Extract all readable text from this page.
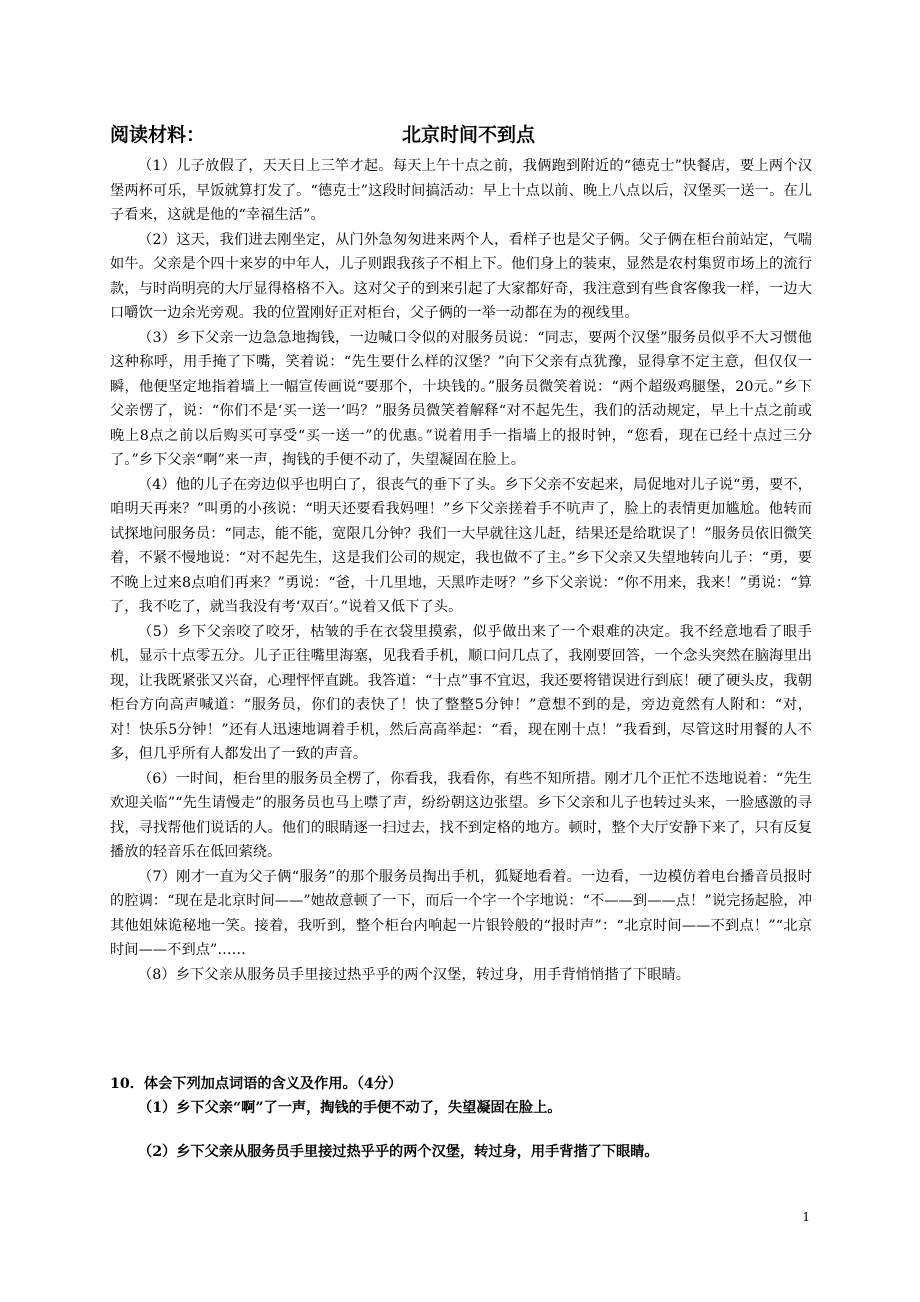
阅读材料：	北京时间不到点

（1）儿子放假了，天天日上三竿才起。每天上午十点之前，我俩跑到附近的“德克士”快餐店，要上两个汉堡两杯可乐，早饭就算打发了。“德克士”这段时间搞活动：早上十点以前、晚上八点以后，汉堡买一送一。在儿子看来，这就是他的“幸福生活”。

（2）这天，我们进去刚坐定，从门外急匆匆进来两个人，看样子也是父子俩。父子俩在柜台前站定，气喘如牛。父亲是个四十来岁的中年人，儿子则跟我孩子不相上下。他们身上的装束，显然是农村集贸市场上的流行款，与时尚明亮的大厅显得格格不入。这对父子的到来引起了大家都好奇，我注意到有些食客像我一样，一边大口嚼饮一边余光旁观。我的位置刚好正对柜台，父子俩的一举一动都在为的视线里。

（3）乡下父亲一边急急地掏钱，一边喊口令似的对服务员说：“同志，要两个汉堡”服务员似乎不大习惯他这种称呼，用手掩了下嘴，笑着说：“先生要什么样的汉堡？”向下父亲有点犹豫，显得拿不定主意，但仅仅一瞬，他便坚定地指着墙上一幅宣传画说“要那个，十块钱的。”服务员微笑着说：“两个超级鸡腿堡，20元。”乡下父亲愣了，说：“你们不是‘买一送一’吗？”服务员微笑着解释“对不起先生，我们的活动规定，早上十点之前或晚上8点之前以后购买可享受“买一送一”的优惠。”说着用手一指墙上的报时钟，“您看，现在已经十点过三分了。”乡下父亲“啊”来一声，掏钱的手便不动了，失望凝固在脸上。

（4）他的儿子在旁边似乎也明白了，很丧气的垂下了头。乡下父亲不安起来，局促地对儿子说“勇，要不，咱明天再来？”叫勇的小孩说：“明天还要看我妈哩！”乡下父亲搓着手不吭声了，脸上的表情更加尴尬。他转而试探地问服务员：“同志，能不能，宽限几分钟？我们一大早就往这儿赶，结果还是给耽误了！”服务员依旧微笑着，不紧不慢地说：“对不起先生，这是我们公司的规定，我也做不了主。”乡下父亲又失望地转向儿子：“勇，要不晚上过来8点咱们再来？”勇说：“爸，十几里地，天黑咋走呀？”乡下父亲说：“你不用来，我来！”勇说：“算了，我不吃了，就当我没有考‘双百’。”说着又低下了头。

（5）乡下父亲咬了咬牙，枯皱的手在衣袋里摸索，似乎做出来了一个艰难的决定。我不经意地看了眼手机，显示十点零五分。儿子正往嘴里海塞，见我看手机，顺口问几点了，我刚要回答，一个念头突然在脑海里出现，让我既紧张又兴奋，心理怦怦直跳。我答道：“十点”事不宜迟，我还要将错误进行到底！硬了硬头皮，我朝柜台方向高声喊道：“服务员，你们的表快了！快了整整5分钟！”意想不到的是，旁边竟然有人附和：“对，对！快乐5分钟！”还有人迅速地调着手机，然后高高举起：“看，现在刚十点！”我看到，尽管这时用餐的人不多，但几乎所有人都发出了一致的声音。

（6）一时间，柜台里的服务员全楞了，你看我，我看你，有些不知所措。刚才几个正忙不迭地说着：“先生欢迎关临”“先生请慢走”的服务员也马上噤了声，纷纷朝这边张望。乡下父亲和儿子也转过头来，一脸感激的寻找，寻找帮他们说话的人。他们的眼睛逐一扫过去，找不到定格的地方。顿时，整个大厅安静下来了，只有反复播放的轻音乐在低回萦绕。

（7）刚才一直为父子俩“服务”的那个服务员掏出手机，狐疑地看着。一边看，一边模仿着电台播音员报时的腔调：“现在是北京时间——”她故意顿了一下，而后一个字一个字地说：“不——到——点！”说完扬起脸，冲其他姐妹诡秘地一笑。接着，我听到，整个柜台内响起一片银铃般的“报时声”：“北京时间——不到点！”“北京时间——不到点”……

（8）乡下父亲从服务员手里接过热乎乎的两个汉堡，转过身，用手背悄悄揩了下眼睛。

10．体会下列加点词语的含义及作用。（4分）

（1）乡下父亲“啊”了一声，掏钱的手便不动了，失望凝固在脸上。

（2）乡下父亲从服务员手里接过热乎乎的两个汉堡，转过身，用手背揩了下眼睛。

1
